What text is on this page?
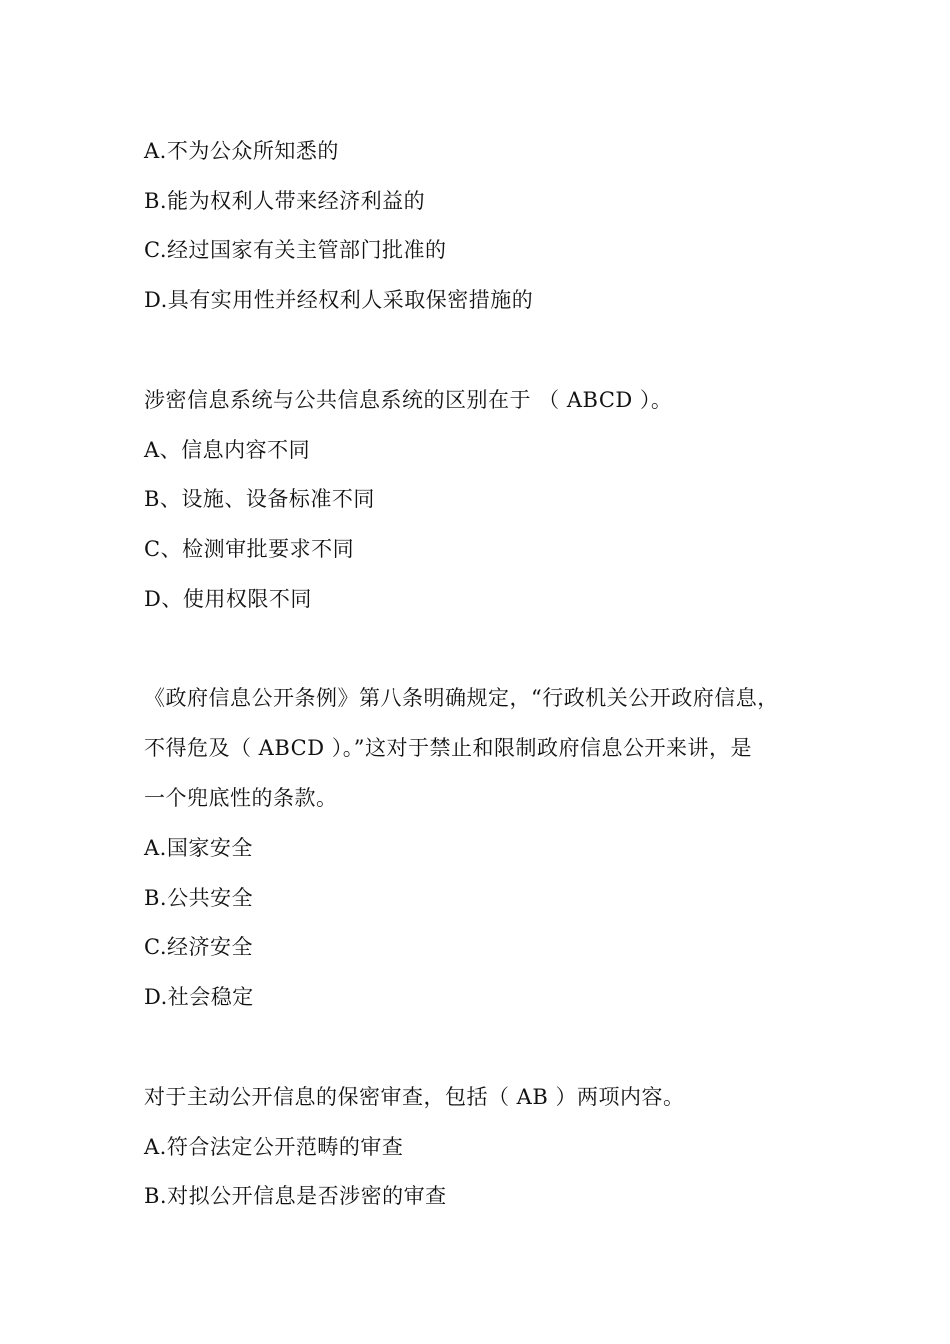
A.不为公众所知悉的
B.能为权利人带来经济利益的
C.经过国家有关主管部门批准的
D.具有实用性并经权利人采取保密措施的
涉密信息系统与公共信息系统的区别在于 （ ABCD ）。
A、信息内容不同
B、设施、设备标准不同
C、检测审批要求不同
D、使用权限不同
《政府信息公开条例》第八条明确规定，“行政机关公开政府信息，
不得危及（ ABCD ）。”这对于禁止和限制政府信息公开来讲，是
一个兜底性的条款。
A.国家安全
B.公共安全
C.经济安全
D.社会稳定
对于主动公开信息的保密审查，包括（ AB ）两项内容。
A.符合法定公开范畴的审查
B.对拟公开信息是否涉密的审查
